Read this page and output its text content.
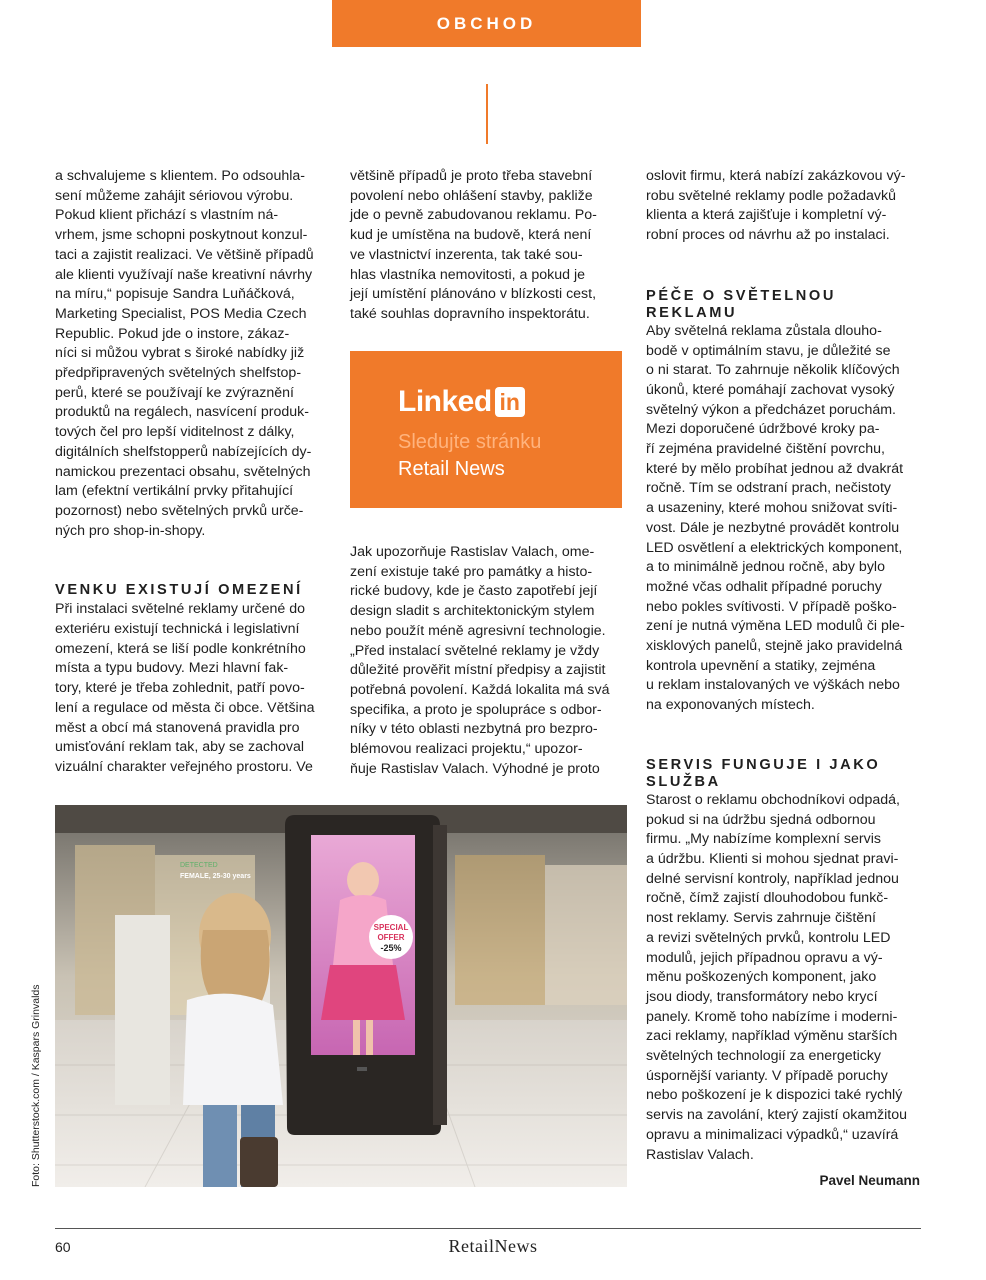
OBCHOD

a schvalujeme s klientem. Po odsouhla-
sení můžeme zahájit sériovou výrobu.
Pokud klient přichází s vlastním ná-
vrhem, jsme schopni poskytnout konzul-
taci a zajistit realizaci. Ve většině případů
ale klienti využívají naše kreativní návrhy
na míru,“ popisuje Sandra Luňáčková,
Marketing Specialist, POS Media Czech
Republic. Pokud jde o instore, zákaz-
níci si můžou vybrat s široké nabídky již
předpřipravených světelných shelfstop-
perů, které se používají ke zvýraznění
produktů na regálech, nasvícení produk-
tových čel pro lepší viditelnost z dálky,
digitálních shelfstopperů nabízejících dy-
namickou prezentaci obsahu, světelných
lam (efektní vertikální prvky přitahující
pozornost) nebo světelných prvků urče-
ných pro shop-in-shopy.

VENKU EXISTUJÍ OMEZENÍ

Při instalaci světelné reklamy určené do
exteriéru existují technická i legislativní
omezení, která se liší podle konkrétního
místa a typu budovy. Mezi hlavní fak-
tory, které je třeba zohlednit, patří povo-
lení a regulace od města či obce. Většina
měst a obcí má stanovená pravidla pro
umisťování reklam tak, aby se zachoval
vizuální charakter veřejného prostoru. Ve

většině případů je proto třeba stavební
povolení nebo ohlášení stavby, pakliže
jde o pevně zabudovanou reklamu. Po-
kud je umístěna na budově, která není
ve vlastnictví inzerenta, tak také sou-
hlas vlastníka nemovitosti, a pokud je
její umístění plánováno v blízkosti cest,
také souhlas dopravního inspektorátu.

Jak upozorňuje Rastislav Valach, ome-
zení existuje také pro památky a histo-
rické budovy, kde je často zapotřebí její
design sladit s architektonickým stylem
nebo použít méně agresivní technologie.
„Před instalací světelné reklamy je vždy
důležité prověřit místní předpisy a zajistit
potřebná povolení. Každá lokalita má svá
specifika, a proto je spolupráce s odbor-
níky v této oblasti nezbytná pro bezpro-
blémovou realizaci projektu,“ upozor-
ňuje Rastislav Valach. Výhodné je proto

Linked in
Sledujte stránku
Retail News

oslovit firmu, která nabízí zakázkovou vý-
robu světelné reklamy podle požadavků
klienta a která zajišťuje i kompletní vý-
robní proces od návrhu až po instalaci.

PÉČE O SVĚTELNOU
REKLAMU

Aby světelná reklama zůstala dlouho-
bodě v optimálním stavu, je důležité se
o ni starat. To zahrnuje několik klíčových
úkonů, které pomáhají zachovat vysoký
světelný výkon a předcházet poruchám.
Mezi doporučené údržbové kroky pa-
ří zejména pravidelné čištění povrchu,
které by mělo probíhat jednou až dvakrát
ročně. Tím se odstraní prach, nečistoty
a usazeniny, které mohou snižovat svíti-
vost. Dále je nezbytné provádět kontrolu
LED osvětlení a elektrických komponent,
a to minimálně jednou ročně, aby bylo
možné včas odhalit případné poruchy
nebo pokles svítivosti. V případě poško-
zení je nutná výměna LED modulů či ple-
xisklových panelů, stejně jako pravidelná
kontrola upevnění a statiky, zejména
u reklam instalovaných ve výškách nebo
na exponovaných místech.

SERVIS FUNGUJE I JAKO
SLUŽBA

Starost o reklamu obchodníkovi odpadá,
pokud si na údržbu sjedná odbornou
firmu. „My nabízíme komplexní servis
a údržbu. Klienti si mohou sjednat pravi-
delné servisní kontroly, například jednou
ročně, čímž zajistí dlouhodobou funkč-
nost reklamy. Servis zahrnuje čištění
a revizi světelných prvků, kontrolu LED
modulů, jejich případnou opravu a vý-
měnu poškozených komponent, jako
jsou diody, transformátory nebo krycí
panely. Kromě toho nabízíme i moderni-
zaci reklamy, například výměnu starších
světelných technologií za energeticky
úspornější varianty. V případě poruchy
nebo poškození je k dispozici také rychlý
servis na zavolání, který zajistí okamžitou
opravu a minimalizaci výpadků,“ uzavírá
Rastislav Valach.

Pavel Neumann
SPECIAL
OFFER
-25%
DETECTED
FEMALE, 25-30 years
Foto: Shutterstock.com / Kaspars Grinvalds
60	RetailNews
